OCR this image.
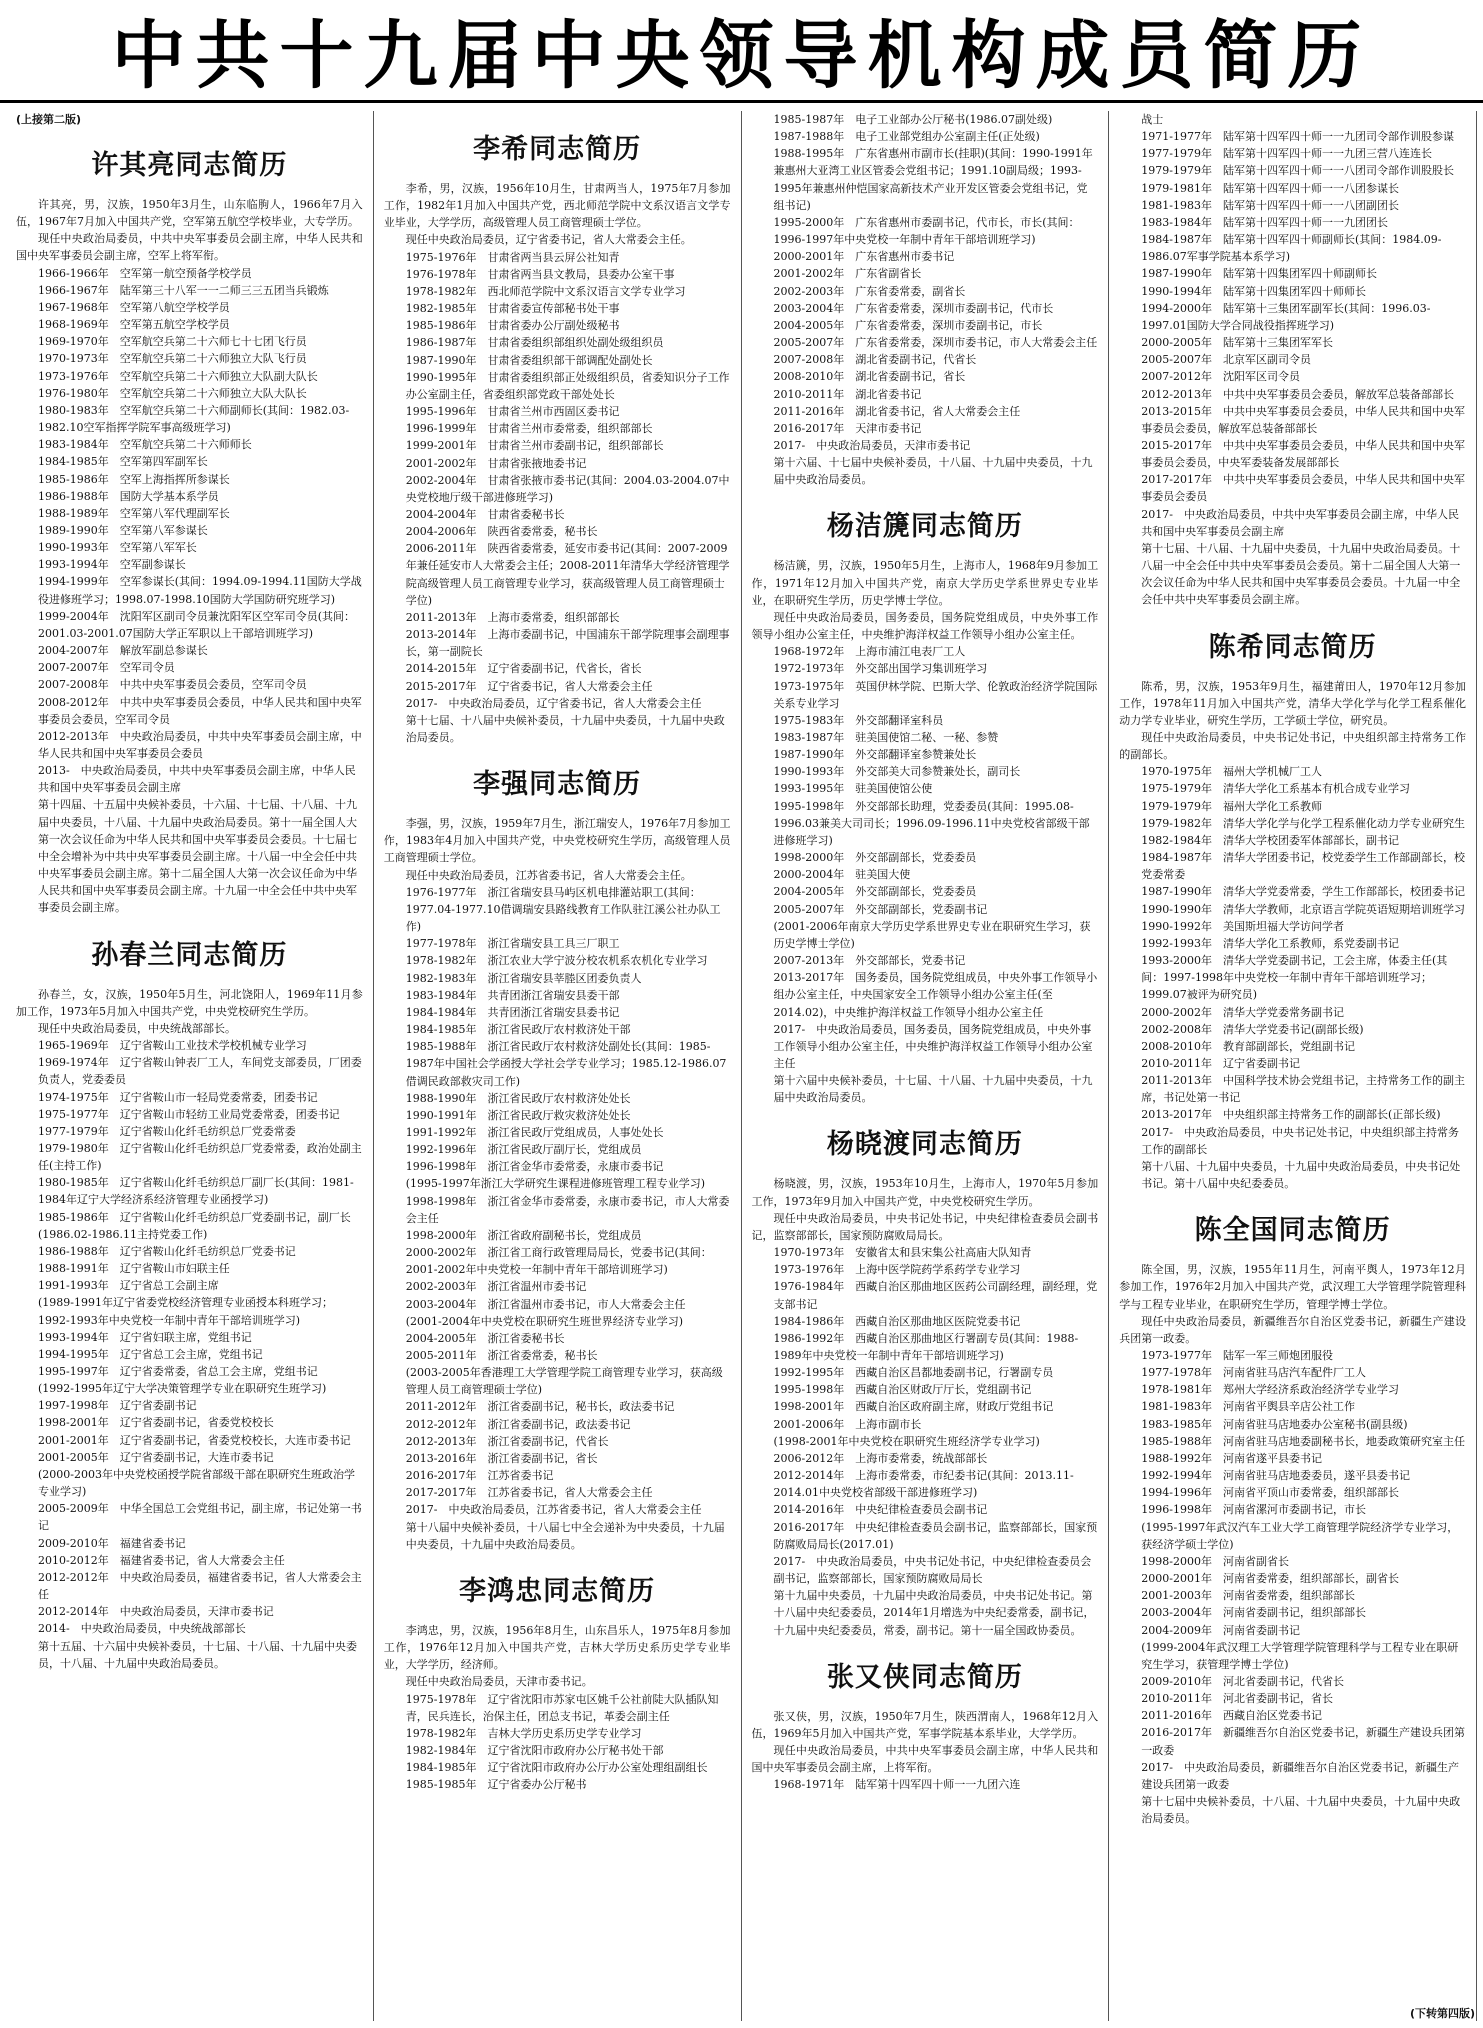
中共十九届中央领导机构成员简历
(上接第二版)
许其亮同志简历

许其亮，男，汉族，1950年3月生，山东临朐人，1966年7月入伍，1967年7月加入中国共产党，空军第五航空学校毕业，大专学历。

现任中央政治局委员，中共中央军事委员会副主席，中华人民共和国中央军事委员会副主席，空军上将军衔。

1966-1966年　空军第一航空预备学校学员

1966-1967年　陆军第三十八军一一二师三三五团当兵锻炼

1967-1968年　空军第八航空学校学员

1968-1969年　空军第五航空学校学员

1969-1970年　空军航空兵第二十六师七十七团飞行员

1970-1973年　空军航空兵第二十六师独立大队飞行员

1973-1976年　空军航空兵第二十六师独立大队副大队长

1976-1980年　空军航空兵第二十六师独立大队大队长

1980-1983年　空军航空兵第二十六师副师长(其间：1982.03-1982.10空军指挥学院军事高级班学习)

1983-1984年　空军航空兵第二十六师师长

1984-1985年　空军第四军副军长

1985-1986年　空军上海指挥所参谋长

1986-1988年　国防大学基本系学员

1988-1989年　空军第八军代理副军长

1989-1990年　空军第八军参谋长

1990-1993年　空军第八军军长

1993-1994年　空军副参谋长

1994-1999年　空军参谋长(其间：1994.09-1994.11国防大学战役进修班学习；1998.07-1998.10国防大学国防研究班学习)

1999-2004年　沈阳军区副司令员兼沈阳军区空军司令员(其间：2001.03-2001.07国防大学正军职以上干部培训班学习)

2004-2007年　解放军副总参谋长

2007-2007年　空军司令员

2007-2008年　中共中央军事委员会委员，空军司令员

2008-2012年　中共中央军事委员会委员，中华人民共和国中央军事委员会委员，空军司令员

2012-2013年　中央政治局委员，中共中央军事委员会副主席，中华人民共和国中央军事委员会委员

2013-　中央政治局委员，中共中央军事委员会副主席，中华人民共和国中央军事委员会副主席

第十四届、十五届中央候补委员，十六届、十七届、十八届、十九届中央委员，十八届、十九届中央政治局委员。第十一届全国人大第一次会议任命为中华人民共和国中央军事委员会委员。十七届七中全会增补为中共中央军事委员会副主席。十八届一中全会任中共中央军事委员会副主席。第十二届全国人大第一次会议任命为中华人民共和国中央军事委员会副主席。十九届一中全会任中共中央军事委员会副主席。

孙春兰同志简历

孙春兰，女，汉族，1950年5月生，河北饶阳人，1969年11月参加工作，1973年5月加入中国共产党，中央党校研究生学历。

现任中央政治局委员，中央统战部部长。

1965-1969年　辽宁省鞍山工业技术学校机械专业学习

1969-1974年　辽宁省鞍山钟表厂工人，车间党支部委员，厂团委负责人，党委委员

1974-1975年　辽宁省鞍山市一轻局党委常委，团委书记

1975-1977年　辽宁省鞍山市轻纺工业局党委常委，团委书记

1977-1979年　辽宁省鞍山化纤毛纺织总厂党委常委

1979-1980年　辽宁省鞍山化纤毛纺织总厂党委常委，政治处副主任(主持工作)

1980-1985年　辽宁省鞍山化纤毛纺织总厂副厂长(其间：1981-1984年辽宁大学经济系经济管理专业函授学习)

1985-1986年　辽宁省鞍山化纤毛纺织总厂党委副书记，副厂长(1986.02-1986.11主持党委工作)

1986-1988年　辽宁省鞍山化纤毛纺织总厂党委书记

1988-1991年　辽宁省鞍山市妇联主任

1991-1993年　辽宁省总工会副主席

(1989-1991年辽宁省委党校经济管理专业函授本科班学习；1992-1993年中央党校一年制中青年干部培训班学习)

1993-1994年　辽宁省妇联主席，党组书记

1994-1995年　辽宁省总工会主席，党组书记

1995-1997年　辽宁省委常委，省总工会主席，党组书记

(1992-1995年辽宁大学决策管理学专业在职研究生班学习)

1997-1998年　辽宁省委副书记

1998-2001年　辽宁省委副书记，省委党校校长

2001-2001年　辽宁省委副书记，省委党校校长，大连市委书记

2001-2005年　辽宁省委副书记，大连市委书记

(2000-2003年中央党校函授学院省部级干部在职研究生班政治学专业学习)

2005-2009年　中华全国总工会党组书记，副主席，书记处第一书记

2009-2010年　福建省委书记

2010-2012年　福建省委书记，省人大常委会主任

2012-2012年　中央政治局委员，福建省委书记，省人大常委会主任

2012-2014年　中央政治局委员，天津市委书记

2014-　中央政治局委员，中央统战部部长

第十五届、十六届中央候补委员，十七届、十八届、十九届中央委员，十八届、十九届中央政治局委员。

李希同志简历

李希，男，汉族，1956年10月生，甘肃两当人，1975年7月参加工作，1982年1月加入中国共产党，西北师范学院中文系汉语言文学专业毕业，大学学历，高级管理人员工商管理硕士学位。

现任中央政治局委员，辽宁省委书记，省人大常委会主任。

1975-1976年　甘肃省两当县云屏公社知青

1976-1978年　甘肃省两当县文教局，县委办公室干事

1978-1982年　西北师范学院中文系汉语言文学专业学习

1982-1985年　甘肃省委宣传部秘书处干事

1985-1986年　甘肃省委办公厅副处级秘书

1986-1987年　甘肃省委组织部组织处副处级组织员

1987-1990年　甘肃省委组织部干部调配处副处长

1990-1995年　甘肃省委组织部正处级组织员，省委知识分子工作办公室副主任，省委组织部党政干部处处长

1995-1996年　甘肃省兰州市西固区委书记

1996-1999年　甘肃省兰州市委常委，组织部部长

1999-2001年　甘肃省兰州市委副书记，组织部部长

2001-2002年　甘肃省张掖地委书记

2002-2004年　甘肃省张掖市委书记(其间：2004.03-2004.07中央党校地厅级干部进修班学习)

2004-2004年　甘肃省委秘书长

2004-2006年　陕西省委常委，秘书长

2006-2011年　陕西省委常委，延安市委书记(其间：2007-2009年兼任延安市人大常委会主任；2008-2011年清华大学经济管理学院高级管理人员工商管理专业学习，获高级管理人员工商管理硕士学位)

2011-2013年　上海市委常委，组织部部长

2013-2014年　上海市委副书记，中国浦东干部学院理事会副理事长，第一副院长

2014-2015年　辽宁省委副书记，代省长，省长

2015-2017年　辽宁省委书记，省人大常委会主任

2017-　中央政治局委员，辽宁省委书记，省人大常委会主任

第十七届、十八届中央候补委员，十九届中央委员，十九届中央政治局委员。

李强同志简历

李强，男，汉族，1959年7月生，浙江瑞安人，1976年7月参加工作，1983年4月加入中国共产党，中央党校研究生学历，高级管理人员工商管理硕士学位。

现任中央政治局委员，江苏省委书记，省人大常委会主任。

1976-1977年　浙江省瑞安县马屿区机电排灌站职工(其间：1977.04-1977.10借调瑞安县路线教育工作队驻江溪公社办队工作)

1977-1978年　浙江省瑞安县工具三厂职工

1978-1982年　浙江农业大学宁波分校农机系农机化专业学习

1982-1983年　浙江省瑞安县莘塍区团委负责人

1983-1984年　共青团浙江省瑞安县委干部

1984-1984年　共青团浙江省瑞安县委书记

1984-1985年　浙江省民政厅农村救济处干部

1985-1988年　浙江省民政厅农村救济处副处长(其间：1985-1987年中国社会学函授大学社会学专业学习；1985.12-1986.07借调民政部救灾司工作)

1988-1990年　浙江省民政厅农村救济处处长

1990-1991年　浙江省民政厅救灾救济处处长

1991-1992年　浙江省民政厅党组成员，人事处处长

1992-1996年　浙江省民政厅副厅长，党组成员

1996-1998年　浙江省金华市委常委，永康市委书记

(1995-1997年浙江大学研究生课程进修班管理工程专业学习)

1998-1998年　浙江省金华市委常委，永康市委书记，市人大常委会主任

1998-2000年　浙江省政府副秘书长，党组成员

2000-2002年　浙江省工商行政管理局局长，党委书记(其间：2001-2002年中央党校一年制中青年干部培训班学习)

2002-2003年　浙江省温州市委书记

2003-2004年　浙江省温州市委书记，市人大常委会主任

(2001-2004年中央党校在职研究生班世界经济专业学习)

2004-2005年　浙江省委秘书长

2005-2011年　浙江省委常委，秘书长

(2003-2005年香港理工大学管理学院工商管理专业学习，获高级管理人员工商管理硕士学位)

2011-2012年　浙江省委副书记，秘书长，政法委书记

2012-2012年　浙江省委副书记，政法委书记

2012-2013年　浙江省委副书记，代省长

2013-2016年　浙江省委副书记，省长

2016-2017年　江苏省委书记

2017-2017年　江苏省委书记，省人大常委会主任

2017-　中央政治局委员，江苏省委书记，省人大常委会主任

第十八届中央候补委员，十八届七中全会递补为中央委员，十九届中央委员，十九届中央政治局委员。

李鸿忠同志简历

李鸿忠，男，汉族，1956年8月生，山东昌乐人，1975年8月参加工作，1976年12月加入中国共产党，吉林大学历史系历史学专业毕业，大学学历，经济师。

现任中央政治局委员，天津市委书记。

1975-1978年　辽宁省沈阳市苏家屯区姚千公社前陡大队插队知青，民兵连长，治保主任，团总支书记，革委会副主任

1978-1982年　吉林大学历史系历史学专业学习

1982-1984年　辽宁省沈阳市政府办公厅秘书处干部

1984-1985年　辽宁省沈阳市政府办公厅办公室处理组副组长

1985-1985年　辽宁省委办公厅秘书

1985-1987年　电子工业部办公厅秘书(1986.07副处级)

1987-1988年　电子工业部党组办公室副主任(正处级)

1988-1995年　广东省惠州市副市长(挂职)(其间：1990-1991年兼惠州大亚湾工业区管委会党组书记；1991.10副局级；1993-1995年兼惠州仲恺国家高新技术产业开发区管委会党组书记，党组书记)

1995-2000年　广东省惠州市委副书记，代市长，市长(其间：1996-1997年中央党校一年制中青年干部培训班学习)

2000-2001年　广东省惠州市委书记

2001-2002年　广东省副省长

2002-2003年　广东省委常委，副省长

2003-2004年　广东省委常委，深圳市委副书记，代市长

2004-2005年　广东省委常委，深圳市委副书记，市长

2005-2007年　广东省委常委，深圳市委书记，市人大常委会主任

2007-2008年　湖北省委副书记，代省长

2008-2010年　湖北省委副书记，省长

2010-2011年　湖北省委书记

2011-2016年　湖北省委书记，省人大常委会主任

2016-2017年　天津市委书记

2017-　中央政治局委员，天津市委书记

第十六届、十七届中央候补委员，十八届、十九届中央委员，十九届中央政治局委员。

杨洁篪同志简历

杨洁篪，男，汉族，1950年5月生，上海市人，1968年9月参加工作，1971年12月加入中国共产党，南京大学历史学系世界史专业毕业，在职研究生学历，历史学博士学位。

现任中央政治局委员，国务委员，国务院党组成员，中央外事工作领导小组办公室主任，中央维护海洋权益工作领导小组办公室主任。

1968-1972年　上海市浦江电表厂工人

1972-1973年　外交部出国学习集训班学习

1973-1975年　英国伊林学院、巴斯大学、伦敦政治经济学院国际关系专业学习

1975-1983年　外交部翻译室科员

1983-1987年　驻美国使馆二秘、一秘、参赞

1987-1990年　外交部翻译室参赞兼处长

1990-1993年　外交部美大司参赞兼处长，副司长

1993-1995年　驻美国使馆公使

1995-1998年　外交部部长助理，党委委员(其间：1995.08-1996.03兼美大司司长；1996.09-1996.11中央党校省部级干部进修班学习)

1998-2000年　外交部副部长，党委委员

2000-2004年　驻美国大使

2004-2005年　外交部副部长，党委委员

2005-2007年　外交部副部长，党委副书记

(2001-2006年南京大学历史学系世界史专业在职研究生学习，获历史学博士学位)

2007-2013年　外交部部长，党委书记

2013-2017年　国务委员，国务院党组成员，中央外事工作领导小组办公室主任，中央国家安全工作领导小组办公室主任(至2014.02)，中央维护海洋权益工作领导小组办公室主任

2017-　中央政治局委员，国务委员，国务院党组成员，中央外事工作领导小组办公室主任，中央维护海洋权益工作领导小组办公室主任

第十六届中央候补委员，十七届、十八届、十九届中央委员，十九届中央政治局委员。

杨晓渡同志简历

杨晓渡，男，汉族，1953年10月生，上海市人，1970年5月参加工作，1973年9月加入中国共产党，中央党校研究生学历。

现任中央政治局委员，中央书记处书记，中央纪律检查委员会副书记，监察部部长，国家预防腐败局局长。

1970-1973年　安徽省太和县宋集公社高庙大队知青

1973-1976年　上海中医学院药学系药学专业学习

1976-1984年　西藏自治区那曲地区医药公司副经理，副经理，党支部书记

1984-1986年　西藏自治区那曲地区医院党委书记

1986-1992年　西藏自治区那曲地区行署副专员(其间：1988-1989年中央党校一年制中青年干部培训班学习)

1992-1995年　西藏自治区昌都地委副书记，行署副专员

1995-1998年　西藏自治区财政厅厅长，党组副书记

1998-2001年　西藏自治区政府副主席，财政厅党组书记

2001-2006年　上海市副市长

(1998-2001年中央党校在职研究生班经济学专业学习)

2006-2012年　上海市委常委，统战部部长

2012-2014年　上海市委常委，市纪委书记(其间：2013.11-2014.01中央党校省部级干部进修班学习)

2014-2016年　中央纪律检查委员会副书记

2016-2017年　中央纪律检查委员会副书记，监察部部长，国家预防腐败局局长(2017.01)

2017-　中央政治局委员，中央书记处书记，中央纪律检查委员会副书记，监察部部长，国家预防腐败局局长

第十九届中央委员，十九届中央政治局委员，中央书记处书记。第十八届中央纪委委员，2014年1月增选为中央纪委常委，副书记，十九届中央纪委委员，常委，副书记。第十一届全国政协委员。

张又侠同志简历

张又侠，男，汉族，1950年7月生，陕西渭南人，1968年12月入伍，1969年5月加入中国共产党，军事学院基本系毕业，大学学历。

现任中央政治局委员，中共中央军事委员会副主席，中华人民共和国中央军事委员会副主席，上将军衔。

1968-1971年　陆军第十四军四十师一一九团六连

战士

1971-1977年　陆军第十四军四十师一一九团司令部作训股参谋

1977-1979年　陆军第十四军四十师一一九团三营八连连长

1979-1979年　陆军第十四军四十师一一八团司令部作训股股长

1979-1981年　陆军第十四军四十师一一八团参谋长

1981-1983年　陆军第十四军四十师一一八团副团长

1983-1984年　陆军第十四军四十师一一九团团长

1984-1987年　陆军第十四军四十师副师长(其间：1984.09-1986.07军事学院基本系学习)

1987-1990年　陆军第十四集团军四十师副师长

1990-1994年　陆军第十四集团军四十师师长

1994-2000年　陆军第十三集团军副军长(其间：1996.03-1997.01国防大学合同战役指挥班学习)

2000-2005年　陆军第十三集团军军长

2005-2007年　北京军区副司令员

2007-2012年　沈阳军区司令员

2012-2013年　中共中央军事委员会委员，解放军总装备部部长

2013-2015年　中共中央军事委员会委员，中华人民共和国中央军事委员会委员，解放军总装备部部长

2015-2017年　中共中央军事委员会委员，中华人民共和国中央军事委员会委员，中央军委装备发展部部长

2017-2017年　中共中央军事委员会委员，中华人民共和国中央军事委员会委员

2017-　中央政治局委员，中共中央军事委员会副主席，中华人民共和国中央军事委员会副主席

第十七届、十八届、十九届中央委员，十九届中央政治局委员。十八届一中全会任中共中央军事委员会委员。第十二届全国人大第一次会议任命为中华人民共和国中央军事委员会委员。十九届一中全会任中共中央军事委员会副主席。

陈希同志简历

陈希，男，汉族，1953年9月生，福建莆田人，1970年12月参加工作，1978年11月加入中国共产党，清华大学化学与化学工程系催化动力学专业毕业，研究生学历，工学硕士学位，研究员。

现任中央政治局委员，中央书记处书记，中央组织部主持常务工作的副部长。

1970-1975年　福州大学机械厂工人

1975-1979年　清华大学化工系基本有机合成专业学习

1979-1979年　福州大学化工系教师

1979-1982年　清华大学化学与化学工程系催化动力学专业研究生

1982-1984年　清华大学校团委军体部部长，副书记

1984-1987年　清华大学团委书记，校党委学生工作部副部长，校党委常委

1987-1990年　清华大学党委常委，学生工作部部长，校团委书记

1990-1990年　清华大学教师，北京语言学院英语短期培训班学习

1990-1992年　美国斯坦福大学访问学者

1992-1993年　清华大学化工系教师，系党委副书记

1993-2000年　清华大学党委副书记，工会主席，体委主任(其间：1997-1998年中央党校一年制中青年干部培训班学习；1999.07被评为研究员)

2000-2002年　清华大学党委常务副书记

2002-2008年　清华大学党委书记(副部长级)

2008-2010年　教育部副部长，党组副书记

2010-2011年　辽宁省委副书记

2011-2013年　中国科学技术协会党组书记，主持常务工作的副主席，书记处第一书记

2013-2017年　中央组织部主持常务工作的副部长(正部长级)

2017-　中央政治局委员，中央书记处书记，中央组织部主持常务工作的副部长

第十八届、十九届中央委员，十九届中央政治局委员，中央书记处书记。第十八届中央纪委委员。

陈全国同志简历

陈全国，男，汉族，1955年11月生，河南平舆人，1973年12月参加工作，1976年2月加入中国共产党，武汉理工大学管理学院管理科学与工程专业毕业，在职研究生学历，管理学博士学位。

现任中央政治局委员，新疆维吾尔自治区党委书记，新疆生产建设兵团第一政委。

1973-1977年　陆军一军三师炮团服役

1977-1978年　河南省驻马店汽车配件厂工人

1978-1981年　郑州大学经济系政治经济学专业学习

1981-1983年　河南省平舆县辛店公社工作

1983-1985年　河南省驻马店地委办公室秘书(副县级)

1985-1988年　河南省驻马店地委副秘书长，地委政策研究室主任

1988-1992年　河南省遂平县委书记

1992-1994年　河南省驻马店地委委员，遂平县委书记

1994-1996年　河南省平顶山市委常委，组织部部长

1996-1998年　河南省漯河市委副书记，市长

(1995-1997年武汉汽车工业大学工商管理学院经济学专业学习，获经济学硕士学位)

1998-2000年　河南省副省长

2000-2001年　河南省委常委，组织部部长，副省长

2001-2003年　河南省委常委，组织部部长

2003-2004年　河南省委副书记，组织部部长

2004-2009年　河南省委副书记

(1999-2004年武汉理工大学管理学院管理科学与工程专业在职研究生学习，获管理学博士学位)

2009-2010年　河北省委副书记，代省长

2010-2011年　河北省委副书记，省长

2011-2016年　西藏自治区党委书记

2016-2017年　新疆维吾尔自治区党委书记，新疆生产建设兵团第一政委

2017-　中央政治局委员，新疆维吾尔自治区党委书记，新疆生产建设兵团第一政委

第十七届中央候补委员，十八届、十九届中央委员，十九届中央政治局委员。

(下转第四版)
